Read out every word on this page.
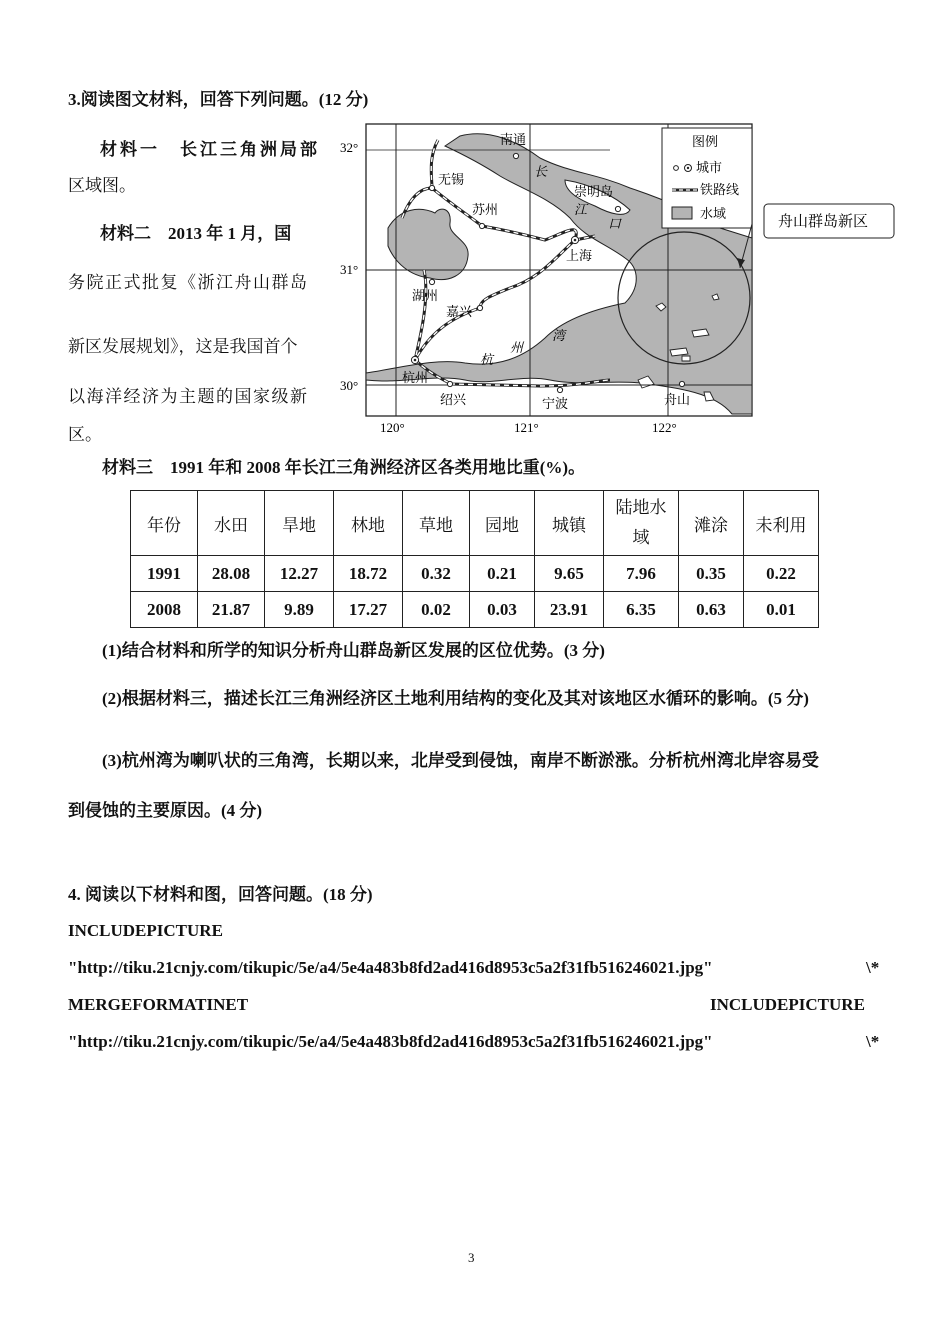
3.阅读图文材料，回答下列问题。(12 分)
材料一　长江三角洲局部
区域图。
材料二　2013 年 1 月，国
务院正式批复《浙江舟山群岛
新区发展规划》，这是我国首个
以海洋经济为主题的国家级新
区。
图例
城市
铁路线
水域
舟山群岛新区
32°
31°
30°
120°	121°	122°
南通
无锡
苏州
崇明岛
上海
湖州
嘉兴
杭州
绍兴	宁波	舟山
长
江
口
杭
州
湾
材料三　1991 年和 2008 年长江三角洲经济区各类用地比重(%)。
年份	水田	旱地	林地	草地	园地	城镇	陆地水
域	滩涂	未利用
1991	28.08	12.27	18.72	0.32	0.21	9.65	7.96	0.35	0.22
2008	21.87	9.89	17.27	0.02	0.03	23.91	6.35	0.63	0.01
(1)结合材料和所学的知识分析舟山群岛新区发展的区位优势。(3 分)
(2)根据材料三，描述长江三角洲经济区土地利用结构的变化及其对该地区水循环的影响。(5 分)
(3)杭州湾为喇叭状的三角湾，长期以来，北岸受到侵蚀，南岸不断淤涨。分析杭州湾北岸容易受
到侵蚀的主要原因。(4 分)
4. 阅读以下材料和图，回答问题。(18 分)
INCLUDEPICTURE
"http://tiku.21cnjy.com/tikupic/5e/a4/5e4a483b8fd2ad416d8953c5a2f31fb516246021.jpg"	\*
MERGEFORMATINET	INCLUDEPICTURE
"http://tiku.21cnjy.com/tikupic/5e/a4/5e4a483b8fd2ad416d8953c5a2f31fb516246021.jpg"	\*
3
